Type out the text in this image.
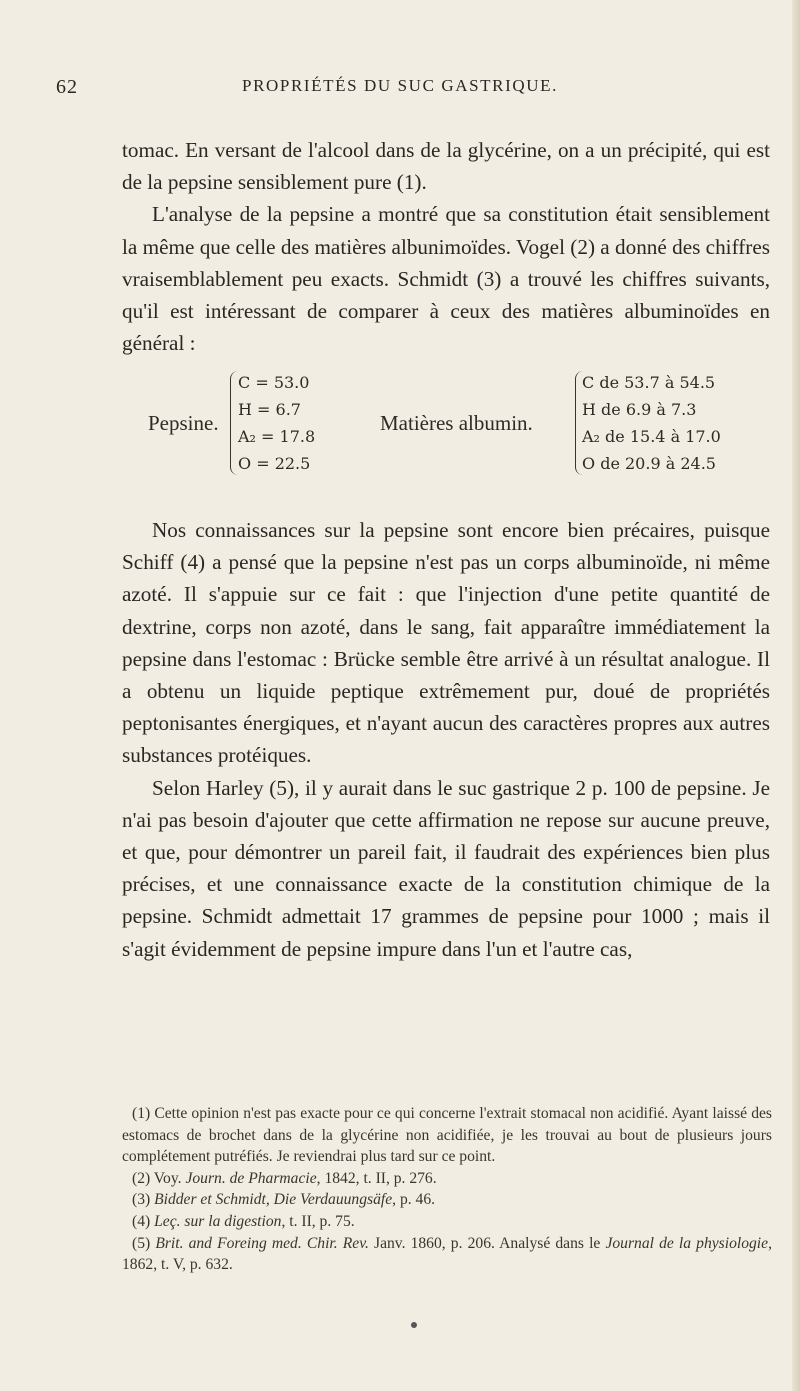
62	PROPRIÉTÉS DU SUC GASTRIQUE.

tomac. En versant de l'alcool dans de la glycérine, on a un précipité, qui est de la pepsine sensiblement pure (1).

L'analyse de la pepsine a montré que sa constitution était sensiblement la même que celle des matières albunimoïdes. Vogel (2) a donné des chiffres vraisemblablement peu exacts. Schmidt (3) a trouvé les chiffres suivants, qu'il est intéressant de comparer à ceux des matières albuminoïdes en général :

Pepsine.
C = 53.0
H = 6.7
A₂ = 17.8
O = 22.5
Matières albumin.
C de 53.7 à 54.5
H de 6.9 à 7.3
A₂ de 15.4 à 17.0
O de 20.9 à 24.5

Nos connaissances sur la pepsine sont encore bien précaires, puisque Schiff (4) a pensé que la pepsine n'est pas un corps albuminoïde, ni même azoté. Il s'appuie sur ce fait : que l'injection d'une petite quantité de dextrine, corps non azoté, dans le sang, fait apparaître immédiatement la pepsine dans l'estomac : Brücke semble être arrivé à un résultat analogue. Il a obtenu un liquide peptique extrêmement pur, doué de propriétés peptonisantes énergiques, et n'ayant aucun des caractères propres aux autres substances protéiques.

Selon Harley (5), il y aurait dans le suc gastrique 2 p. 100 de pepsine. Je n'ai pas besoin d'ajouter que cette affirmation ne repose sur aucune preuve, et que, pour démontrer un pareil fait, il faudrait des expériences bien plus précises, et une connaissance exacte de la constitution chimique de la pepsine. Schmidt admettait 17 grammes de pepsine pour 1000 ; mais il s'agit évidemment de pepsine impure dans l'un et l'autre cas,

(1) Cette opinion n'est pas exacte pour ce qui concerne l'extrait stomacal non acidifié. Ayant laissé des estomacs de brochet dans de la glycérine non acidifiée, je les trouvai au bout de plusieurs jours complétement putréfiés. Je reviendrai plus tard sur ce point.
(2) Voy. Journ. de Pharmacie, 1842, t. II, p. 276.
(3) Bidder et Schmidt, Die Verdauungsäfe, p. 46.
(4) Leç. sur la digestion, t. II, p. 75.
(5) Brit. and Foreing med. Chir. Rev. Janv. 1860, p. 206. Analysé dans le Journal de la physiologie, 1862, t. V, p. 632.
